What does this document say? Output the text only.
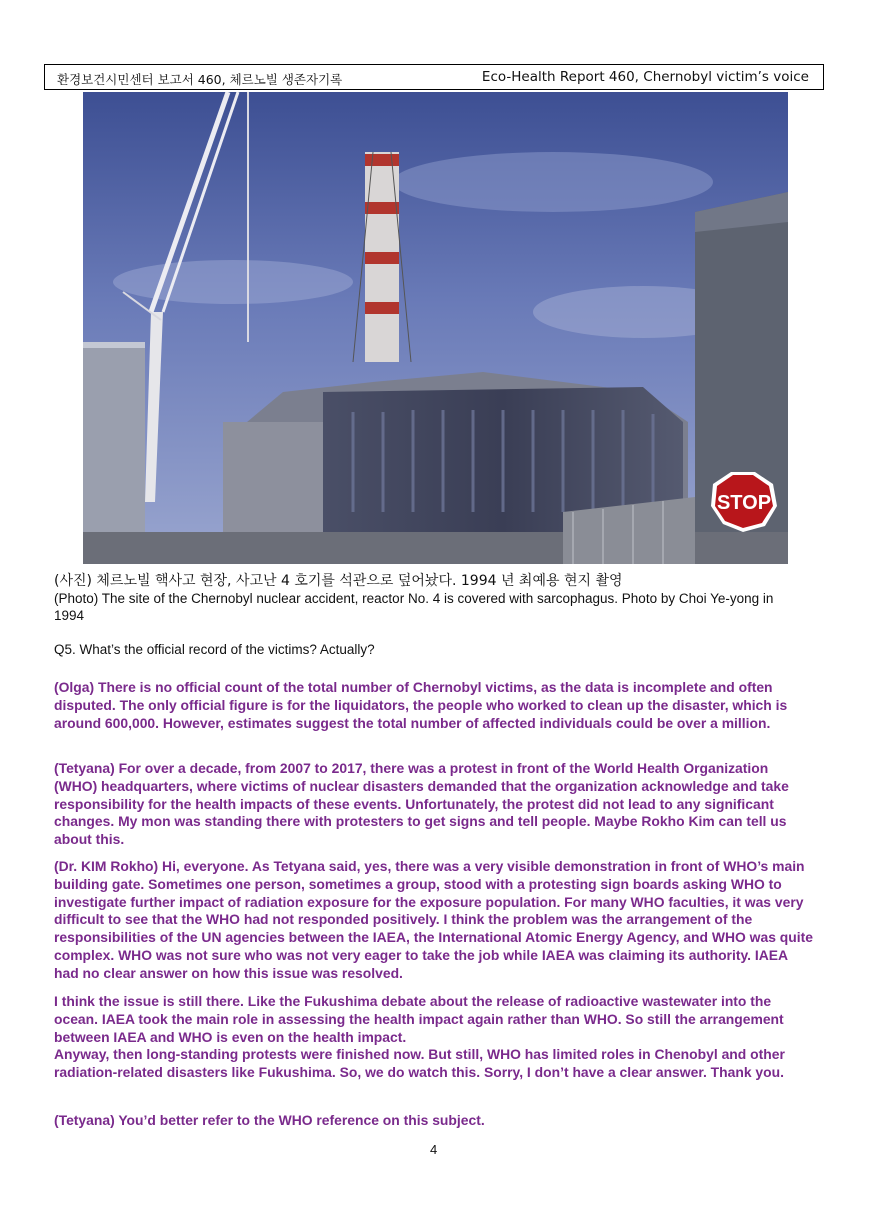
환경보건시민센터 보고서 460, 체르노빌 생존자기록	Eco-Health Report 460, Chernobyl victim’s voice
STOP
(사진) 체르노빌 핵사고 현장, 사고난 4 호기를 석관으로 덮어놨다. 1994 년 최예용 현지 촬영
(Photo) The site of the Chernobyl nuclear accident, reactor No. 4 is covered with sarcophagus. Photo by Choi Ye-yong in 1994
Q5. What’s the official record of the victims? Actually?

(Olga) There is no official count of the total number of Chernobyl victims, as the data is incomplete and often disputed. The only official figure is for the liquidators, the people who worked to clean up the disaster, which is around 600,000. However, estimates suggest the total number of affected individuals could be over a million.

(Tetyana) For over a decade, from 2007 to 2017, there was a protest in front of the World Health Organization (WHO) headquarters, where victims of nuclear disasters demanded that the organization acknowledge and take responsibility for the health impacts of these events. Unfortunately, the protest did not lead to any significant changes. My mon was standing there with protesters to get signs and tell people. Maybe Rokho Kim can tell us about this.

(Dr. KIM Rokho) Hi, everyone. As Tetyana said, yes, there was a very visible demonstration in front of WHO’s main building gate. Sometimes one person, sometimes a group, stood with a protesting sign boards asking WHO to investigate further impact of radiation exposure for the exposure population. For many WHO faculties, it was very difficult to see that the WHO had not responded positively. I think the problem was the arrangement of the responsibilities of the UN agencies between the IAEA, the International Atomic Energy Agency, and WHO was quite complex. WHO was not sure who was not very eager to take the job while IAEA was claiming its authority. IAEA had no clear answer on how this issue was resolved.

I think the issue is still there. Like the Fukushima debate about the release of radioactive wastewater into the ocean. IAEA took the main role in assessing the health impact again rather than WHO. So still the arrangement between IAEA and WHO is even on the health impact.

Anyway, then long-standing protests were finished now. But still, WHO has limited roles in Chenobyl and other radiation-related disasters like Fukushima. So, we do watch this. Sorry, I don’t have a clear answer. Thank you.

(Tetyana) You’d better refer to the WHO reference on this subject.

4
